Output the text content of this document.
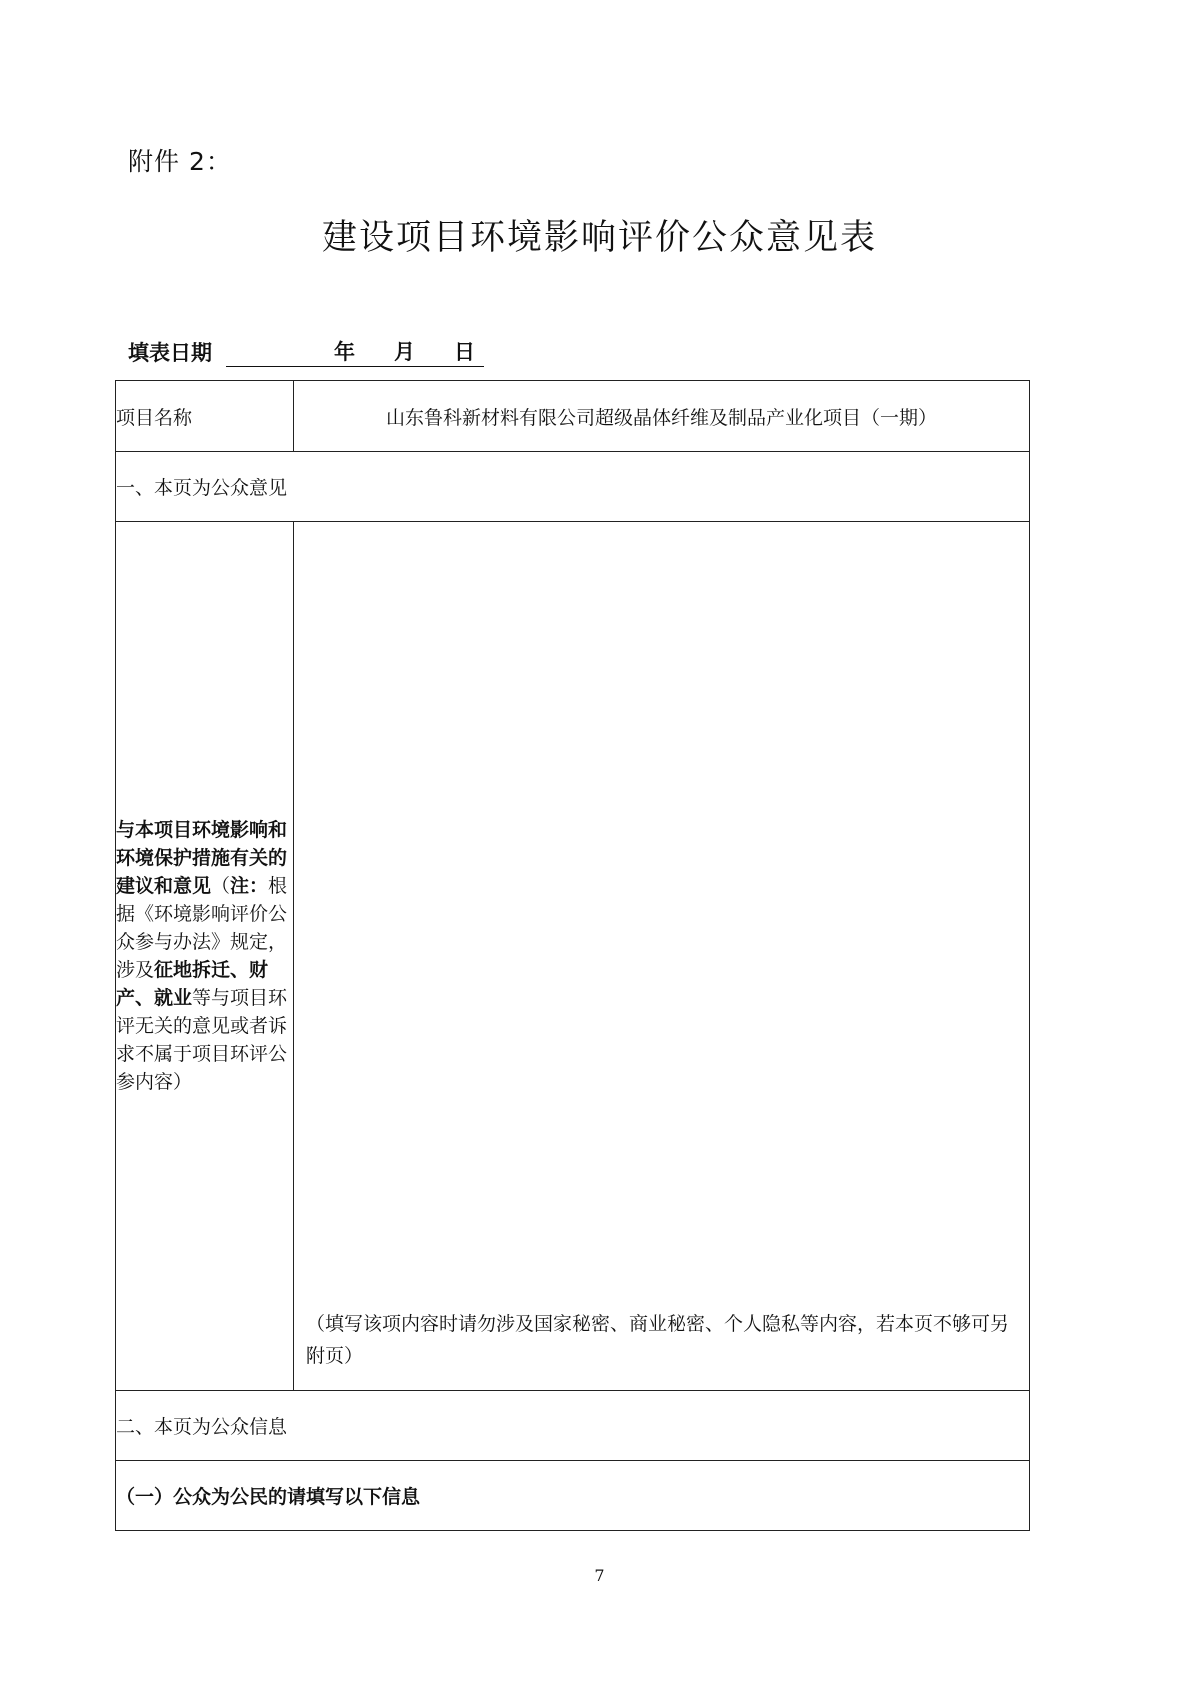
附件 2：
建设项目环境影响评价公众意见表
填表日期	年	月	日
项目名称	山东鲁科新材料有限公司超级晶体纤维及制品产业化项目（一期）
一、本页为公众意见	
与本项目环境影响和环境保护措施有关的建议和意见（注：根据《环境影响评价公众参与办法》规定，涉及征地拆迁、财产、就业等与项目环评无关的意见或者诉求不属于项目环评公参内容）	（填写该项内容时请勿涉及国家秘密、商业秘密、个人隐私等内容，若本页不够可另附页）

二、本页为公众信息	
（一）公众为公民的请填写以下信息	
7
